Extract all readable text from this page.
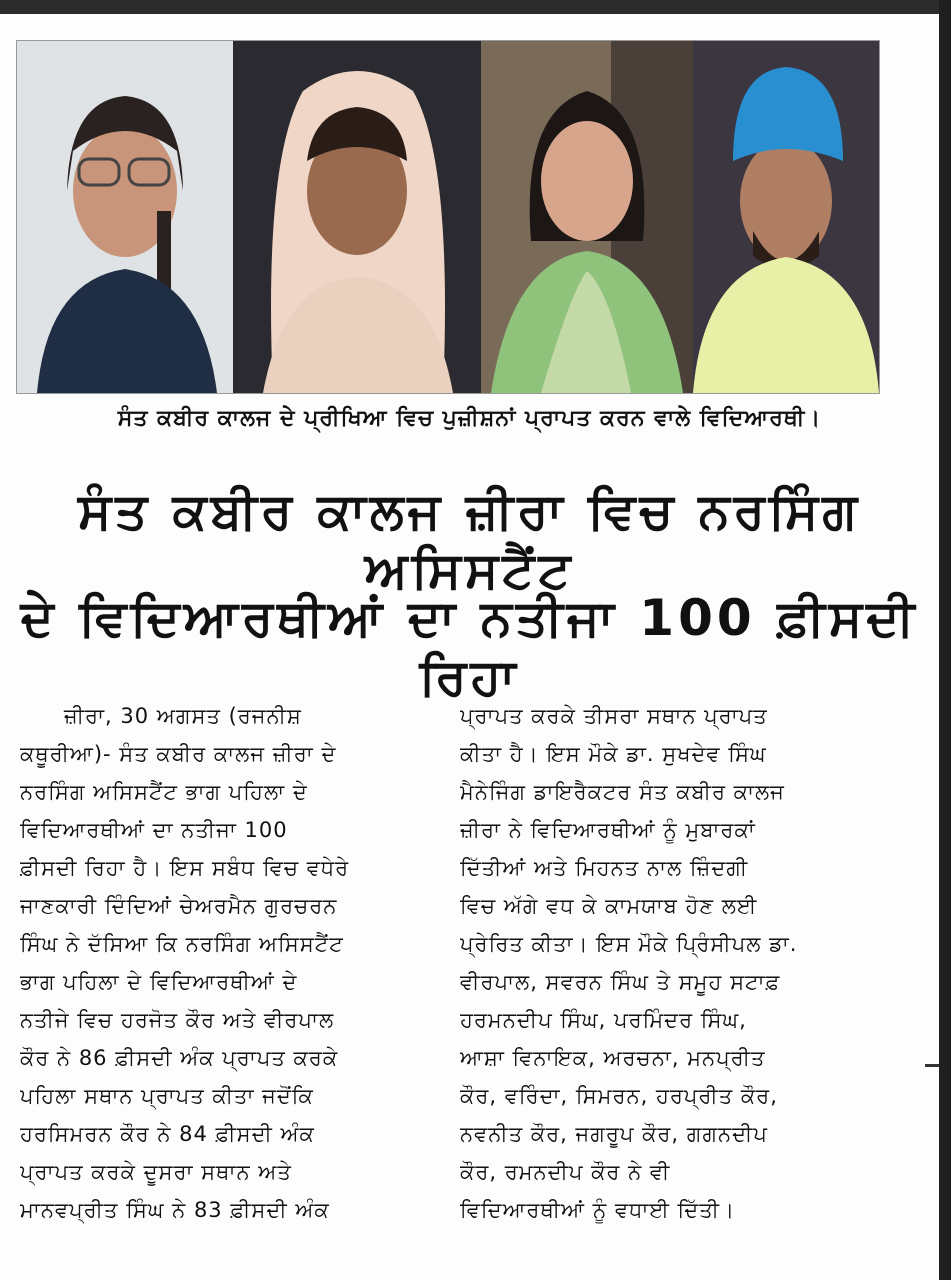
ਸੰਤ ਕਬੀਰ ਕਾਲਜ ਦੇ ਪ੍ਰੀਖਿਆ ਵਿਚ ਪੁਜ਼ੀਸ਼ਨਾਂ ਪ੍ਰਾਪਤ ਕਰਨ ਵਾਲੇ ਵਿਦਿਆਰਥੀ।
ਸੰਤ ਕਬੀਰ ਕਾਲਜ ਜ਼ੀਰਾ ਵਿਚ ਨਰਸਿੰਗ ਅਸਿਸਟੈਂਟ
ਦੇ ਵਿਦਿਆਰਥੀਆਂ ਦਾ ਨਤੀਜਾ 100 ਫ਼ੀਸਦੀ ਰਿਹਾ
ਜ਼ੀਰਾ, 30 ਅਗਸਤ (ਰਜਨੀਸ਼
ਕਥੂਰੀਆ)- ਸੰਤ ਕਬੀਰ ਕਾਲਜ ਜ਼ੀਰਾ ਦੇ
ਨਰਸਿੰਗ ਅਸਿਸਟੈਂਟ ਭਾਗ ਪਹਿਲਾ ਦੇ
ਵਿਦਿਆਰਥੀਆਂ ਦਾ ਨਤੀਜਾ 100
ਫ਼ੀਸਦੀ ਰਿਹਾ ਹੈ। ਇਸ ਸਬੰਧ ਵਿਚ ਵਧੇਰੇ
ਜਾਣਕਾਰੀ ਦਿੰਦਿਆਂ ਚੇਅਰਮੈਨ ਗੁਰਚਰਨ
ਸਿੰਘ ਨੇ ਦੱਸਿਆ ਕਿ ਨਰਸਿੰਗ ਅਸਿਸਟੈਂਟ
ਭਾਗ ਪਹਿਲਾ ਦੇ ਵਿਦਿਆਰਥੀਆਂ ਦੇ
ਨਤੀਜੇ ਵਿਚ ਹਰਜੋਤ ਕੌਰ ਅਤੇ ਵੀਰਪਾਲ
ਕੌਰ ਨੇ 86 ਫ਼ੀਸਦੀ ਅੰਕ ਪ੍ਰਾਪਤ ਕਰਕੇ
ਪਹਿਲਾ ਸਥਾਨ ਪ੍ਰਾਪਤ ਕੀਤਾ ਜਦੋਂਕਿ
ਹਰਸਿਮਰਨ ਕੌਰ ਨੇ 84 ਫ਼ੀਸਦੀ ਅੰਕ
ਪ੍ਰਾਪਤ ਕਰਕੇ ਦੂਸਰਾ ਸਥਾਨ ਅਤੇ
ਮਾਨਵਪ੍ਰੀਤ ਸਿੰਘ ਨੇ 83 ਫ਼ੀਸਦੀ ਅੰਕ
ਪ੍ਰਾਪਤ ਕਰਕੇ ਤੀਸਰਾ ਸਥਾਨ ਪ੍ਰਾਪਤ
ਕੀਤਾ ਹੈ। ਇਸ ਮੌਕੇ ਡਾ. ਸੁਖਦੇਵ ਸਿੰਘ
ਮੈਨੇਜਿੰਗ ਡਾਇਰੈਕਟਰ ਸੰਤ ਕਬੀਰ ਕਾਲਜ
ਜ਼ੀਰਾ ਨੇ ਵਿਦਿਆਰਥੀਆਂ ਨੂੰ ਮੁਬਾਰਕਾਂ
ਦਿੱਤੀਆਂ ਅਤੇ ਮਿਹਨਤ ਨਾਲ ਜ਼ਿੰਦਗੀ
ਵਿਚ ਅੱਗੇ ਵਧ ਕੇ ਕਾਮਯਾਬ ਹੋਣ ਲਈ
ਪ੍ਰੇਰਿਤ ਕੀਤਾ। ਇਸ ਮੌਕੇ ਪ੍ਰਿੰਸੀਪਲ ਡਾ.
ਵੀਰਪਾਲ, ਸਵਰਨ ਸਿੰਘ ਤੇ ਸਮੂਹ ਸਟਾਫ਼
ਹਰਮਨਦੀਪ ਸਿੰਘ, ਪਰਮਿੰਦਰ ਸਿੰਘ,
ਆਸ਼ਾ ਵਿਨਾਇਕ, ਅਰਚਨਾ, ਮਨਪ੍ਰੀਤ
ਕੌਰ, ਵਰਿੰਦਾ, ਸਿਮਰਨ, ਹਰਪ੍ਰੀਤ ਕੌਰ,
ਨਵਨੀਤ ਕੌਰ, ਜਗਰੂਪ ਕੌਰ, ਗਗਨਦੀਪ
ਕੌਰ, ਰਮਨਦੀਪ ਕੌਰ ਨੇ ਵੀ
ਵਿਦਿਆਰਥੀਆਂ ਨੂੰ ਵਧਾਈ ਦਿੱਤੀ।
